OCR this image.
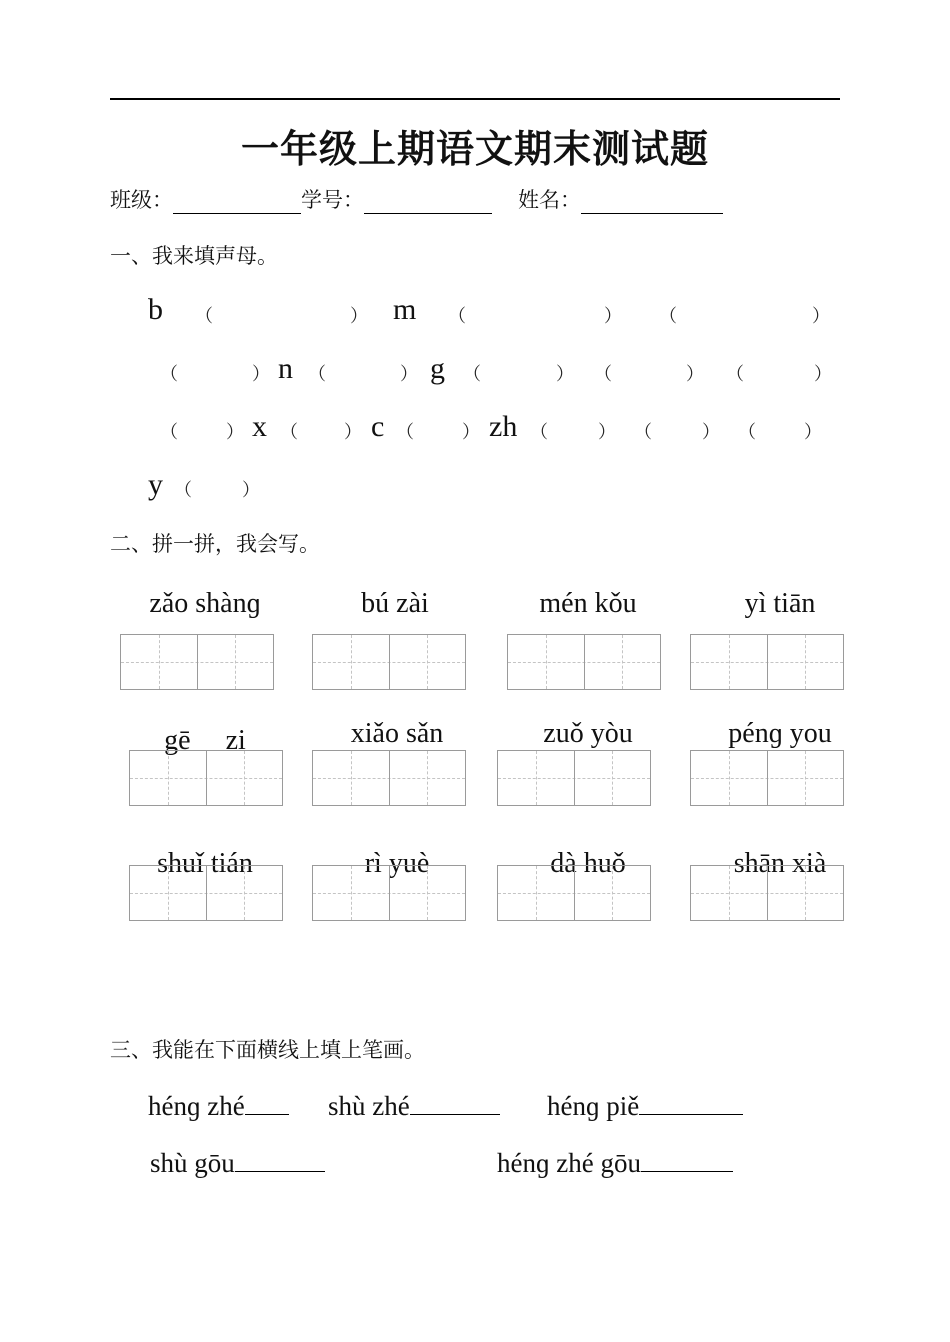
一年级上期语文期末测试题
班级：	学号：	姓名：
一、我来填声母。
b （	） m （	） （	）
（	） n （	） g （	） （	） （	）
（	） x （	） c （	） zh （	） （	） （	）
y （	）
二、拼一拼，我会写。
zǎo shànɡ	bú zài	mén kǒu	yì tiān
gē　 zi	xiǎo sǎn	zuǒ yòu	pénɡ you
shuǐ tián	rì yuè	dà huǒ	shān xià
三、我能在下面横线上填上笔画。
hénɡ zhé	shù zhé	hénɡ piě
shù gōu	hénɡ zhé gōu
